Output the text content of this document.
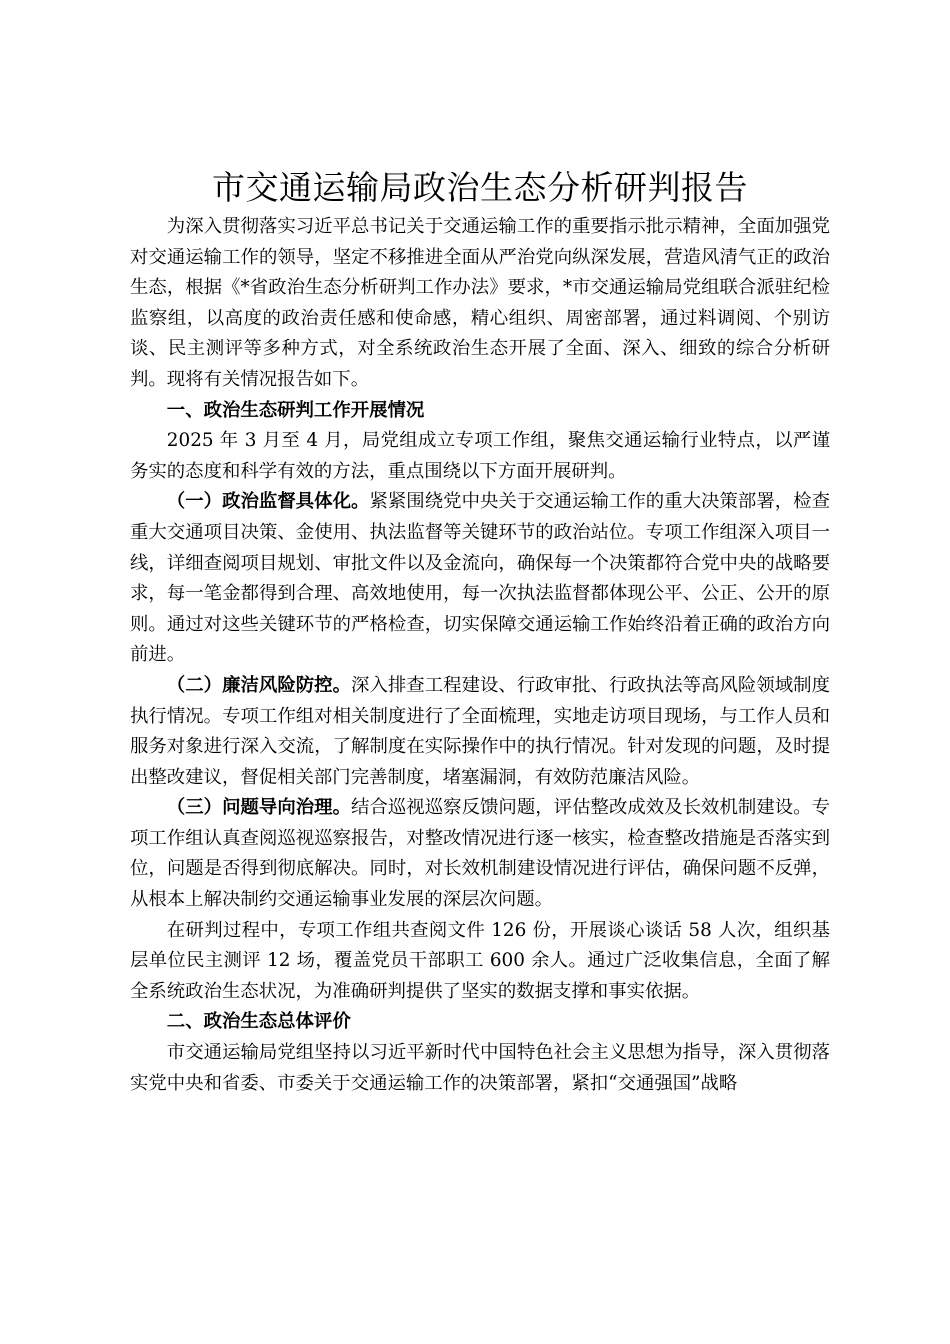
市交通运输局政治生态分析研判报告

为深入贯彻落实习近平总书记关于交通运输工作的重要指示批示精神，全面加强党对交通运输工作的领导，坚定不移推进全面从严治党向纵深发展，营造风清气正的政治生态，根据《*省政治生态分析研判工作办法》要求，*市交通运输局党组联合派驻纪检监察组，以高度的政治责任感和使命感，精心组织、周密部署，通过料调阅、个别访谈、民主测评等多种方式，对全系统政治生态开展了全面、深入、细致的综合分析研判。现将有关情况报告如下。

一、政治生态研判工作开展情况

2025 年 3 月至 4 月，局党组成立专项工作组，聚焦交通运输行业特点，以严谨务实的态度和科学有效的方法，重点围绕以下方面开展研判。

（一）政治监督具体化。紧紧围绕党中央关于交通运输工作的重大决策部署，检查重大交通项目决策、金使用、执法监督等关键环节的政治站位。专项工作组深入项目一线，详细查阅项目规划、审批文件以及金流向，确保每一个决策都符合党中央的战略要求，每一笔金都得到合理、高效地使用，每一次执法监督都体现公平、公正、公开的原则。通过对这些关键环节的严格检查，切实保障交通运输工作始终沿着正确的政治方向前进。

（二）廉洁风险防控。深入排查工程建设、行政审批、行政执法等高风险领域制度执行情况。专项工作组对相关制度进行了全面梳理，实地走访项目现场，与工作人员和服务对象进行深入交流，了解制度在实际操作中的执行情况。针对发现的问题，及时提出整改建议，督促相关部门完善制度，堵塞漏洞，有效防范廉洁风险。

（三）问题导向治理。结合巡视巡察反馈问题，评估整改成效及长效机制建设。专项工作组认真查阅巡视巡察报告，对整改情况进行逐一核实，检查整改措施是否落实到位，问题是否得到彻底解决。同时，对长效机制建设情况进行评估，确保问题不反弹，从根本上解决制约交通运输事业发展的深层次问题。

在研判过程中，专项工作组共查阅文件 126 份，开展谈心谈话 58 人次，组织基层单位民主测评 12 场，覆盖党员干部职工 600 余人。通过广泛收集信息，全面了解全系统政治生态状况，为准确研判提供了坚实的数据支撑和事实依据。

二、政治生态总体评价

市交通运输局党组坚持以习近平新时代中国特色社会主义思想为指导，深入贯彻落实党中央和省委、市委关于交通运输工作的决策部署，紧扣“交通强国”战略
